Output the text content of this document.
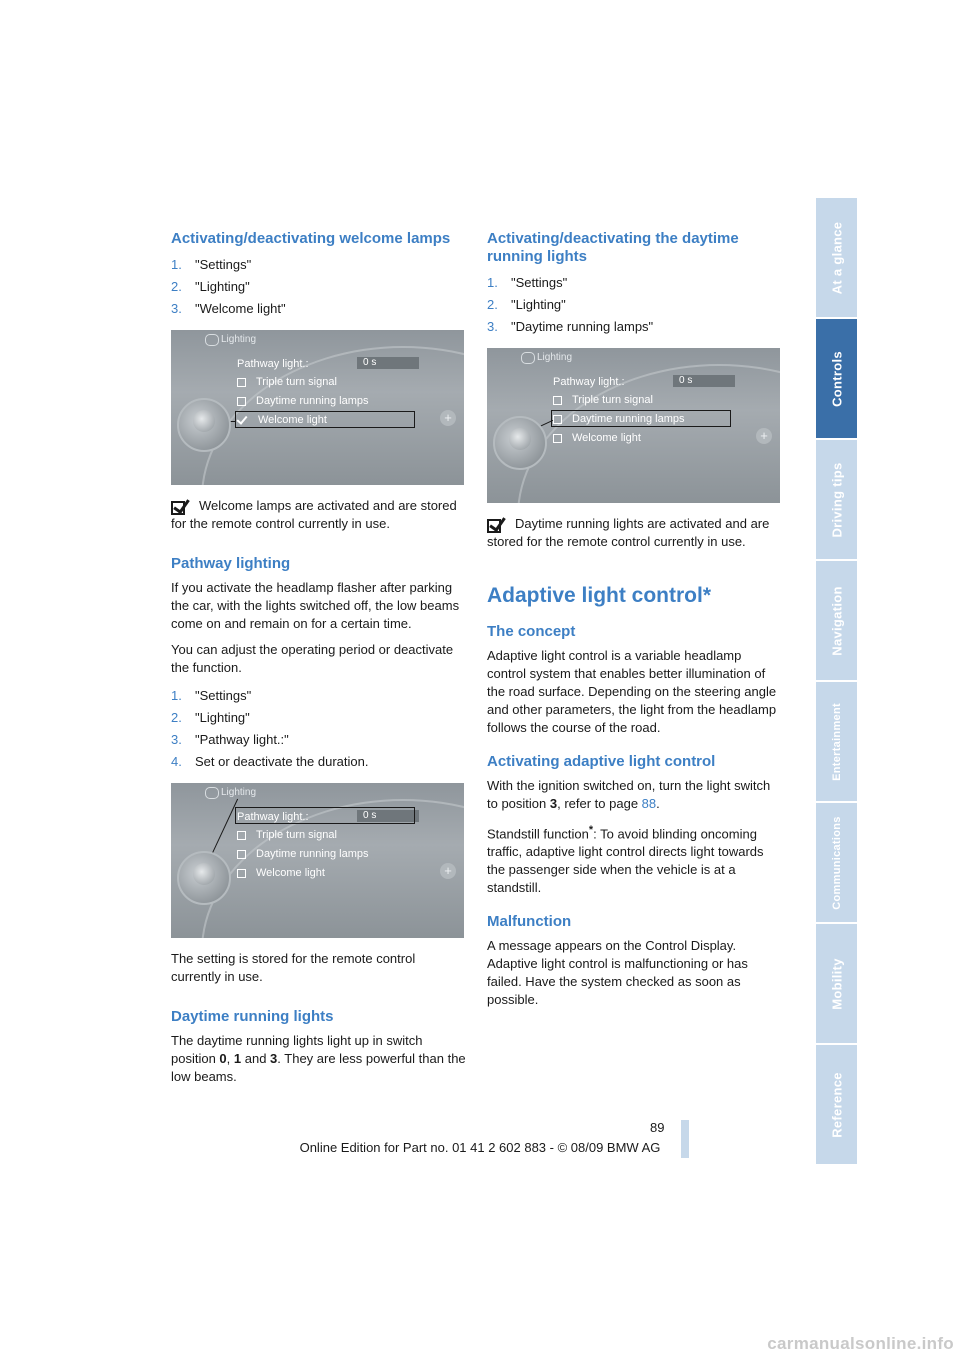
At a glance
Controls
Driving tips
Navigation
Entertainment
Communications
Mobility
Reference
Activating/deactivating welcome lamps
1.	"Settings"
2.	"Lighting"
3.	"Welcome light"
Lighting
Pathway light.:	0 s
Triple turn signal
Daytime running lamps
Welcome light	+

Welcome lamps are activated and are stored for the remote control currently in use.

Pathway lighting

If you activate the headlamp flasher after parking the car, with the lights switched off, the low beams come on and remain on for a certain time.

You can adjust the operating period or deactivate the function.

1.	"Settings"
2.	"Lighting"
3.	"Pathway light.:"
4.	Set or deactivate the duration.
Lighting
Pathway light.:	0 s
Triple turn signal
Daytime running lamps
Welcome light	+

The setting is stored for the remote control currently in use.

Daytime running lights

The daytime running lights light up in switch position 0, 1 and 3. They are less powerful than the low beams.

Activating/deactivating the daytime running lights
1.	"Settings"
2.	"Lighting"
3.	"Daytime running lamps"
Lighting
Pathway light.:	0 s
Triple turn signal
Daytime running lamps
Welcome light	+

Daytime running lights are activated and are stored for the remote control currently in use.

Adaptive light control*
The concept

Adaptive light control is a variable headlamp control system that enables better illumination of the road surface. Depending on the steering angle and other parameters, the light from the headlamp follows the course of the road.

Activating adaptive light control

With the ignition switched on, turn the light switch to position 3, refer to page 88.

Standstill function*: To avoid blinding oncoming traffic, adaptive light control directs light towards the passenger side when the vehicle is at a standstill.

Malfunction

A message appears on the Control Display. Adaptive light control is malfunctioning or has failed. Have the system checked as soon as possible.

89
Online Edition for Part no. 01 41 2 602 883 - © 08/09 BMW AG
carmanualsonline.info
